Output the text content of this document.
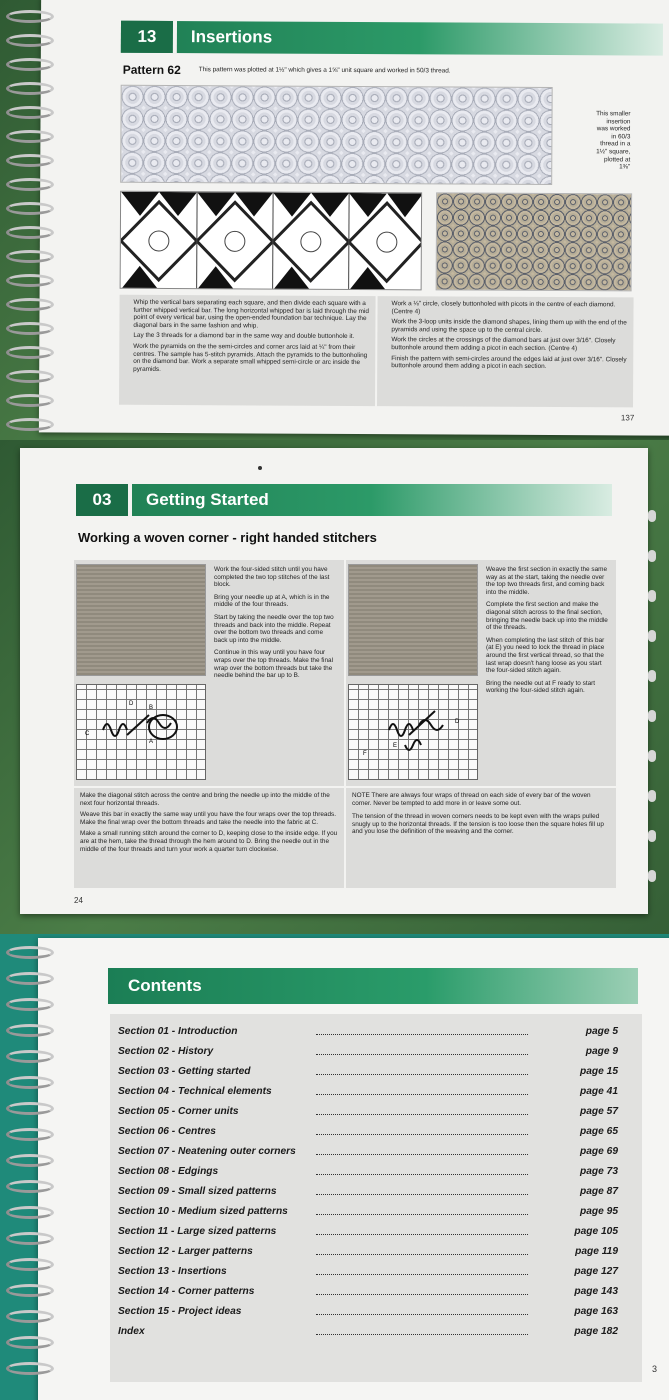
13	Insertions
Pattern 62	This pattern was plotted at 1½" which gives a 1⅝" unit square and worked in 50/3 thread.
This smaller
insertion
was worked
in 60/3
thread in a
1½" square,
plotted at
1⅜"

Whip the vertical bars separating each square, and then divide each square with a further whipped vertical bar. The long horizontal whipped bar is laid through the mid point of every vertical bar, using the open-ended foundation bar technique. Lay the diagonal bars in the same fashion and whip.

Lay the 3 threads for a diamond bar in the same way and double buttonhole it.

Work the pyramids on the the semi-circles and corner arcs laid at ¼" from their centres. The sample has 5-stitch pyramids. Attach the pyramids to the buttonholing on the diamond bar. Work a separate small whipped semi-circle or arc inside the pyramids.

Work a ⅛" circle, closely buttonholed with picots in the centre of each diamond. (Centre 4)

Work the 3-loop units inside the diamond shapes, lining them up with the end of the pyramids and using the space up to the central circle.

Work the circles at the crossings of the diamond bars at just over 3/16". Closely buttonhole around them adding a picot in each section. (Centre 4)

Finish the pattern with semi-circles around the edges laid at just over 3/16". Closely buttonhole around them adding a picot in each section.

137
03	Getting Started
Working a woven corner - right handed stitchers
D
B
C
A

Work the four-sided stitch until you have completed the two top stitches of the last block.

Bring your needle up at A, which is in the middle of the four threads.

Start by taking the needle over the top two threads and back into the middle. Repeat over the bottom two threads and come back up into the middle.

Continue in this way until you have four wraps over the top threads. Make the final wrap over the bottom threads but take the needle behind the bar up to B.

D
F
E

Weave the first section in exactly the same way as at the start, taking the needle over the top two threads first, and coming back into the middle.

Complete the first section and make the diagonal stitch across to the final section, bringing the needle back up into the middle of the threads.

When completing the last stitch of this bar (at E) you need to lock the thread in place around the first vertical thread, so that the last wrap doesn't hang loose as you start the four-sided stitch again.

Bring the needle out at F ready to start working the four-sided stitch again.

Make the diagonal stitch across the centre and bring the needle up into the middle of the next four horizontal threads.

Weave this bar in exactly the same way until you have the four wraps over the top threads. Make the final wrap over the bottom threads and take the needle into the fabric at C.

Make a small running stitch around the corner to D, keeping close to the inside edge. If you are at the hem, take the thread through the hem around to D. Bring the needle out in the middle of the four threads and turn your work a quarter turn clockwise.

NOTE There are always four wraps of thread on each side of every bar of the woven corner. Never be tempted to add more in or leave some out.

The tension of the thread in woven corners needs to be kept even with the wraps pulled snugly up to the horizontal threads. If the tension is too loose then the square holes fill up and you lose the definition of the weaving and the corner.

24
Contents
Section 01 - Introduction	page 5
Section 02 - History	page 9
Section 03 - Getting started	page 15
Section 04 - Technical elements	page 41
Section 05 - Corner units	page 57
Section 06 - Centres	page 65
Section 07 - Neatening outer corners	page 69
Section 08 - Edgings	page 73
Section 09 - Small sized patterns	page 87
Section 10 - Medium sized patterns	page 95
Section 11 - Large sized patterns	page 105
Section 12 - Larger patterns	page 119
Section 13 - Insertions	page 127
Section 14 - Corner patterns	page 143
Section 15 - Project ideas	page 163
Index	page 182
3
